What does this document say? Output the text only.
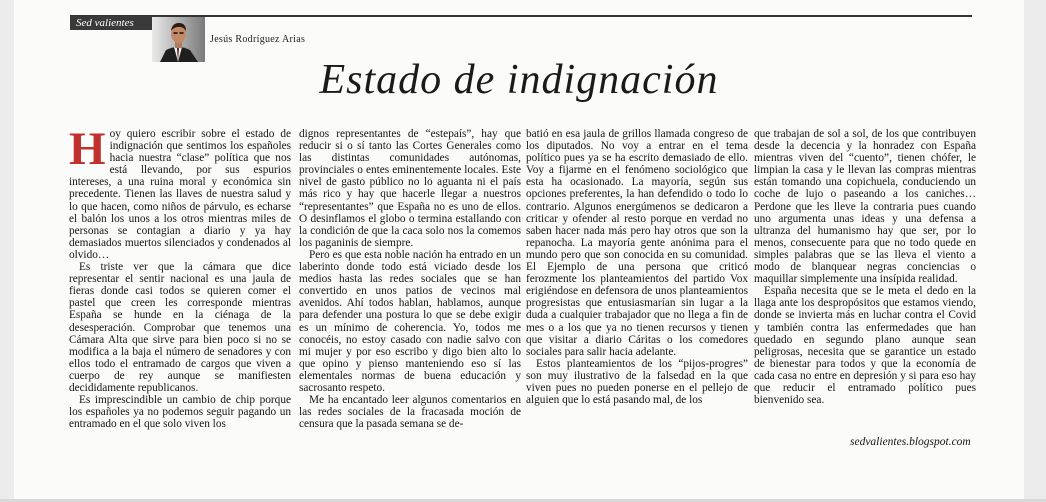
Sed valientes
Jesús Rodríguez Arias
Estado de indignación

Hoy quiero escribir sobre el estado de indignación que sentimos los españoles hacia nuestra “clase” política que nos está llevando, por sus espurios intereses, a una ruina moral y económica sin precedente. Tienen las llaves de nuestra salud y lo que hacen, como niños de párvulo, es echarse el balón los unos a los otros mientras miles de personas se contagian a diario y ya hay demasiados muertos silenciados y condenados al olvido…

Es triste ver que la cámara que dice representar el sentir nacional es una jaula de fieras donde casi todos se quieren comer el pastel que creen les corresponde mientras España se hunde en la ciénaga de la desesperación. Comprobar que tenemos una Cámara Alta que sirve para bien poco si no se modifica a la baja el número de senadores y con ellos todo el entramado de cargos que viven a cuerpo de rey aunque se manifiesten decididamente republicanos.

Es imprescindible un cambio de chip porque los españoles ya no podemos seguir pagando un entramado en el que solo viven los

dignos representantes de “estepaís”, hay que reducir si o sí tanto las Cortes Generales como las distintas comunidades autónomas, provinciales o entes eminentemente locales. Este nivel de gasto público no lo aguanta ni el país más rico y hay que hacerle llegar a nuestros “representantes” que España no es uno de ellos. O desinflamos el globo o termina estallando con la condición de que la caca solo nos la comemos los paganinis de siempre.

Pero es que esta noble nación ha entrado en un laberinto donde todo está viciado desde los medios hasta las redes sociales que se han convertido en unos patios de vecinos mal avenidos. Ahí todos hablan, hablamos, aunque para defender una postura lo que se debe exigir es un mínimo de coherencia. Yo, todos me conocéis, no estoy casado con nadie salvo con mi mujer y por eso escribo y digo bien alto lo que opino y pienso manteniendo eso sí las elementales normas de buena educación y sacrosanto respeto.

Me ha encantado leer algunos comentarios en las redes sociales de la fracasada moción de censura que la pasada semana se de-

batió en esa jaula de grillos llamada congreso de los diputados. No voy a entrar en el tema político pues ya se ha escrito demasiado de ello. Voy a fijarme en el fenómeno sociológico que esta ha ocasionado. La mayoría, según sus opciones preferentes, la han defendido o todo lo contrario. Algunos energúmenos se dedicaron a criticar y ofender al resto porque en verdad no saben hacer nada más pero hay otros que son la repanocha. La mayoría gente anónima para el mundo pero que son conocida en su comunidad. El Ejemplo de una persona que criticó ferozmente los planteamientos del partido Vox erigiéndose en defensora de unos planteamientos progresistas que entusiasmarían sin lugar a la duda a cualquier trabajador que no llega a fin de mes o a los que ya no tienen recursos y tienen que visitar a diario Cáritas o los comedores sociales para salir hacia adelante.

Estos planteamientos de los “pijos-progres” son muy ilustrativo de la falsedad en la que viven pues no pueden ponerse en el pellejo de alguien que lo está pasando mal, de los

que trabajan de sol a sol, de los que contribuyen desde la decencia y la honradez con España mientras viven del “cuento”, tienen chófer, le limpian la casa y le llevan las compras mientras están tomando una copichuela, conduciendo un coche de lujo o paseando a los caniches… Perdone que les lleve la contraria pues cuando uno argumenta unas ideas y una defensa a ultranza del humanismo hay que ser, por lo menos, consecuente para que no todo quede en simples palabras que se las lleva el viento a modo de blanquear negras conciencias o maquillar simplemente una insípida realidad.

España necesita que se le meta el dedo en la llaga ante los despropósitos que estamos viendo, donde se invierta más en luchar contra el Covid y también contra las enfermedades que han quedado en segundo plano aunque sean peligrosas, necesita que se garantice un estado de bienestar para todos y que la economía de cada casa no entre en depresión y si para eso hay que reducir el entramado político pues bienvenido sea.

sedvalientes.blogspot.com
